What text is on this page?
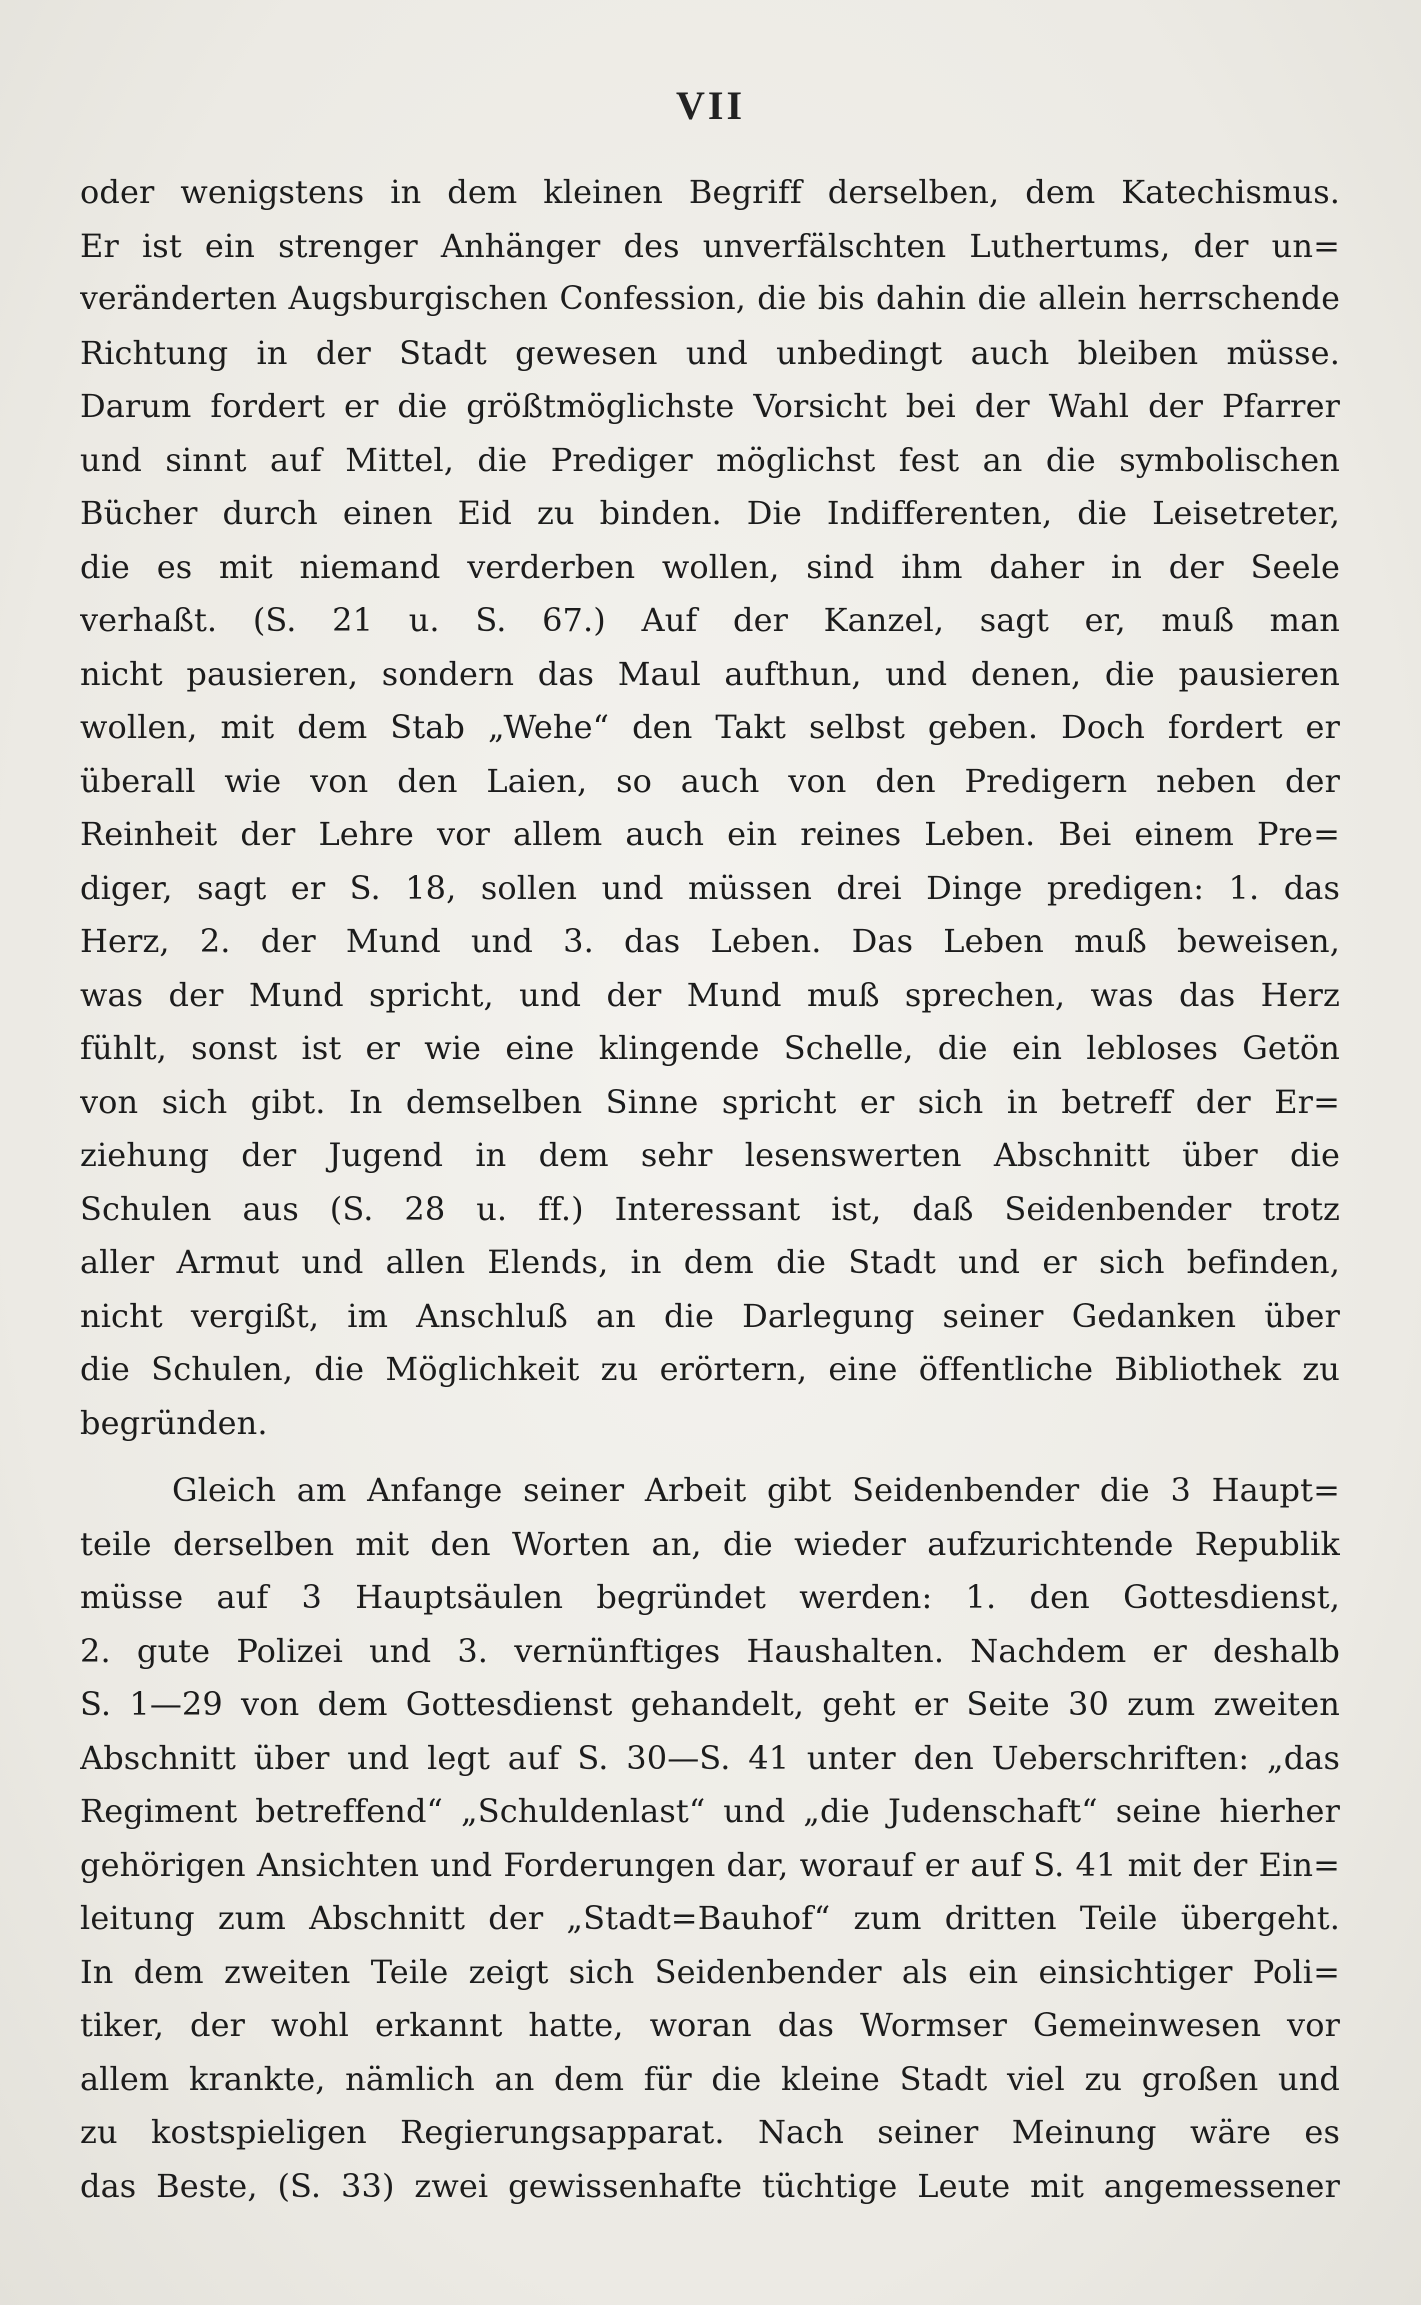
VII
oder wenigstens in dem kleinen Begriff derselben, dem Katechismus.
Er ist ein strenger Anhänger des unverfälschten Luthertums, der un=
veränderten Augsburgischen Confession, die bis dahin die allein herrschende
Richtung in der Stadt gewesen und unbedingt auch bleiben müsse.
Darum fordert er die größtmöglichste Vorsicht bei der Wahl der Pfarrer
und sinnt auf Mittel, die Prediger möglichst fest an die symbolischen
Bücher durch einen Eid zu binden. Die Indifferenten, die Leisetreter,
die es mit niemand verderben wollen, sind ihm daher in der Seele
verhaßt. (S. 21 u. S. 67.) Auf der Kanzel, sagt er, muß man
nicht pausieren, sondern das Maul aufthun, und denen, die pausieren
wollen, mit dem Stab „Wehe“ den Takt selbst geben. Doch fordert er
überall wie von den Laien, so auch von den Predigern neben der
Reinheit der Lehre vor allem auch ein reines Leben. Bei einem Pre=
diger, sagt er S. 18, sollen und müssen drei Dinge predigen: 1. das
Herz, 2. der Mund und 3. das Leben. Das Leben muß beweisen,
was der Mund spricht, und der Mund muß sprechen, was das Herz
fühlt, sonst ist er wie eine klingende Schelle, die ein lebloses Getön
von sich gibt. In demselben Sinne spricht er sich in betreff der Er=
ziehung der Jugend in dem sehr lesenswerten Abschnitt über die
Schulen aus (S. 28 u. ff.) Interessant ist, daß Seidenbender trotz
aller Armut und allen Elends, in dem die Stadt und er sich befinden,
nicht vergißt, im Anschluß an die Darlegung seiner Gedanken über
die Schulen, die Möglichkeit zu erörtern, eine öffentliche Bibliothek zu
begründen.
Gleich am Anfange seiner Arbeit gibt Seidenbender die 3 Haupt=
teile derselben mit den Worten an, die wieder aufzurichtende Republik
müsse auf 3 Hauptsäulen begründet werden: 1. den Gottesdienst,
2. gute Polizei und 3. vernünftiges Haushalten. Nachdem er deshalb
S. 1—29 von dem Gottesdienst gehandelt, geht er Seite 30 zum zweiten
Abschnitt über und legt auf S. 30—S. 41 unter den Ueberschriften: „das
Regiment betreffend“ „Schuldenlast“ und „die Judenschaft“ seine hierher
gehörigen Ansichten und Forderungen dar, worauf er auf S. 41 mit der Ein=
leitung zum Abschnitt der „Stadt=Bauhof“ zum dritten Teile übergeht.
In dem zweiten Teile zeigt sich Seidenbender als ein einsichtiger Poli=
tiker, der wohl erkannt hatte, woran das Wormser Gemeinwesen vor
allem krankte, nämlich an dem für die kleine Stadt viel zu großen und
zu kostspieligen Regierungsapparat. Nach seiner Meinung wäre es
das Beste, (S. 33) zwei gewissenhafte tüchtige Leute mit angemessener
